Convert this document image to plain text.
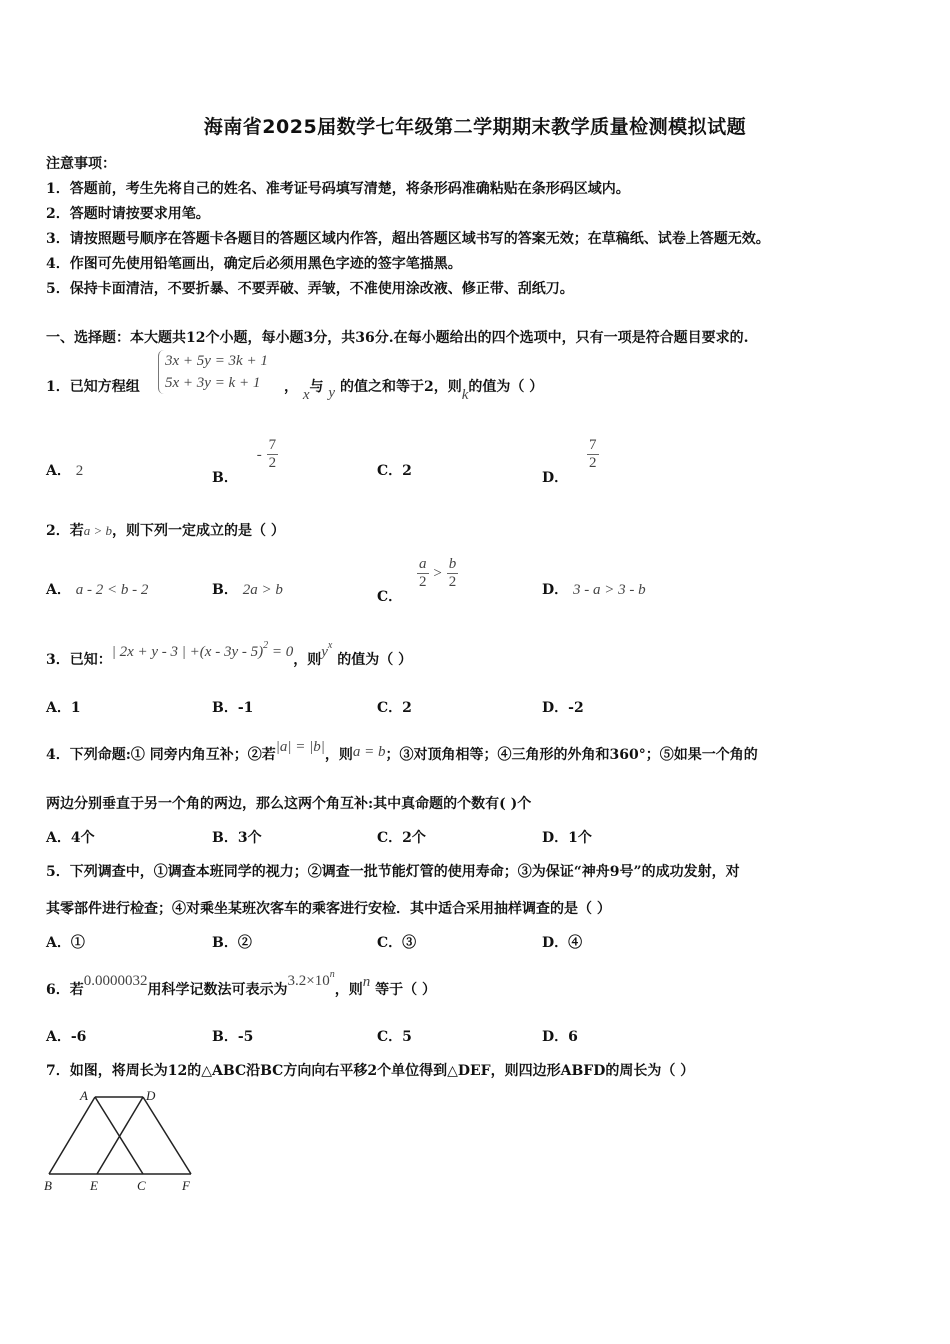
海南省2025届数学七年级第二学期期末教学质量检测模拟试题
注意事项：
1．答题前，考生先将自己的姓名、准考证号码填写清楚，将条形码准确粘贴在条形码区域内。
2．答题时请按要求用笔。
3．请按照题号顺序在答题卡各题目的答题区域内作答，超出答题区域书写的答案无效；在草稿纸、试卷上答题无效。
4．作图可先使用铅笔画出，确定后必须用黑色字迹的签字笔描黑。
5．保持卡面清洁，不要折暴、不要弄破、弄皱，不准使用涂改液、修正带、刮纸刀。
一、选择题：本大题共12个小题，每小题3分，共36分.在每小题给出的四个选项中，只有一项是符合题目要求的.
1．已知方程组
3x + 5y = 3k + 1
5x + 3y = k + 1	， x与 y 的值之和等于2，则k的值为（ ）
A． 2	B． - $\frac{7}{2}$	C．2	D．
$\frac{7}{2}$
2．若a > b，则下列一定成立的是（ ）
A． a - 2 < b - 2	B． 2a > b	C．
$\frac{a}{2} > \frac{b}{2}$	D． 3 - a > 3 - b
3．已知：| 2x + y - 3 | +(x - 3y - 5)$^2$ = 0，则$y^x$ 的值为（ ）
A．1	B．-1	C．2	D．-2
4．下列命题:① 同旁内角互补；②若|a| = |b|，则a = b；③对顶角相等；④三角形的外角和360°；⑤如果一个角的
两边分别垂直于另一个角的两边，那么这两个角互补:其中真命题的个数有( )个
A．4个	B．3个	C．2个	D．1个
5．下列调查中，①调查本班同学的视力；②调查一批节能灯管的使用寿命；③为保证“神舟9号”的成功发射，对
其零部件进行检查；④对乘坐某班次客车的乘客进行安检．其中适合采用抽样调查的是（ ）
A．①	B．②	C．③	D．④
6．若0.0000032用科学记数法可表示为$3.2\times 10^n$，则n 等于（ ）
A．-6	B．-5	C．5	D．6
7．如图，将周长为12的△ABC沿BC方向向右平移2个单位得到△DEF，则四边形ABFD的周长为（ ）
A	D
B	E	C	F
